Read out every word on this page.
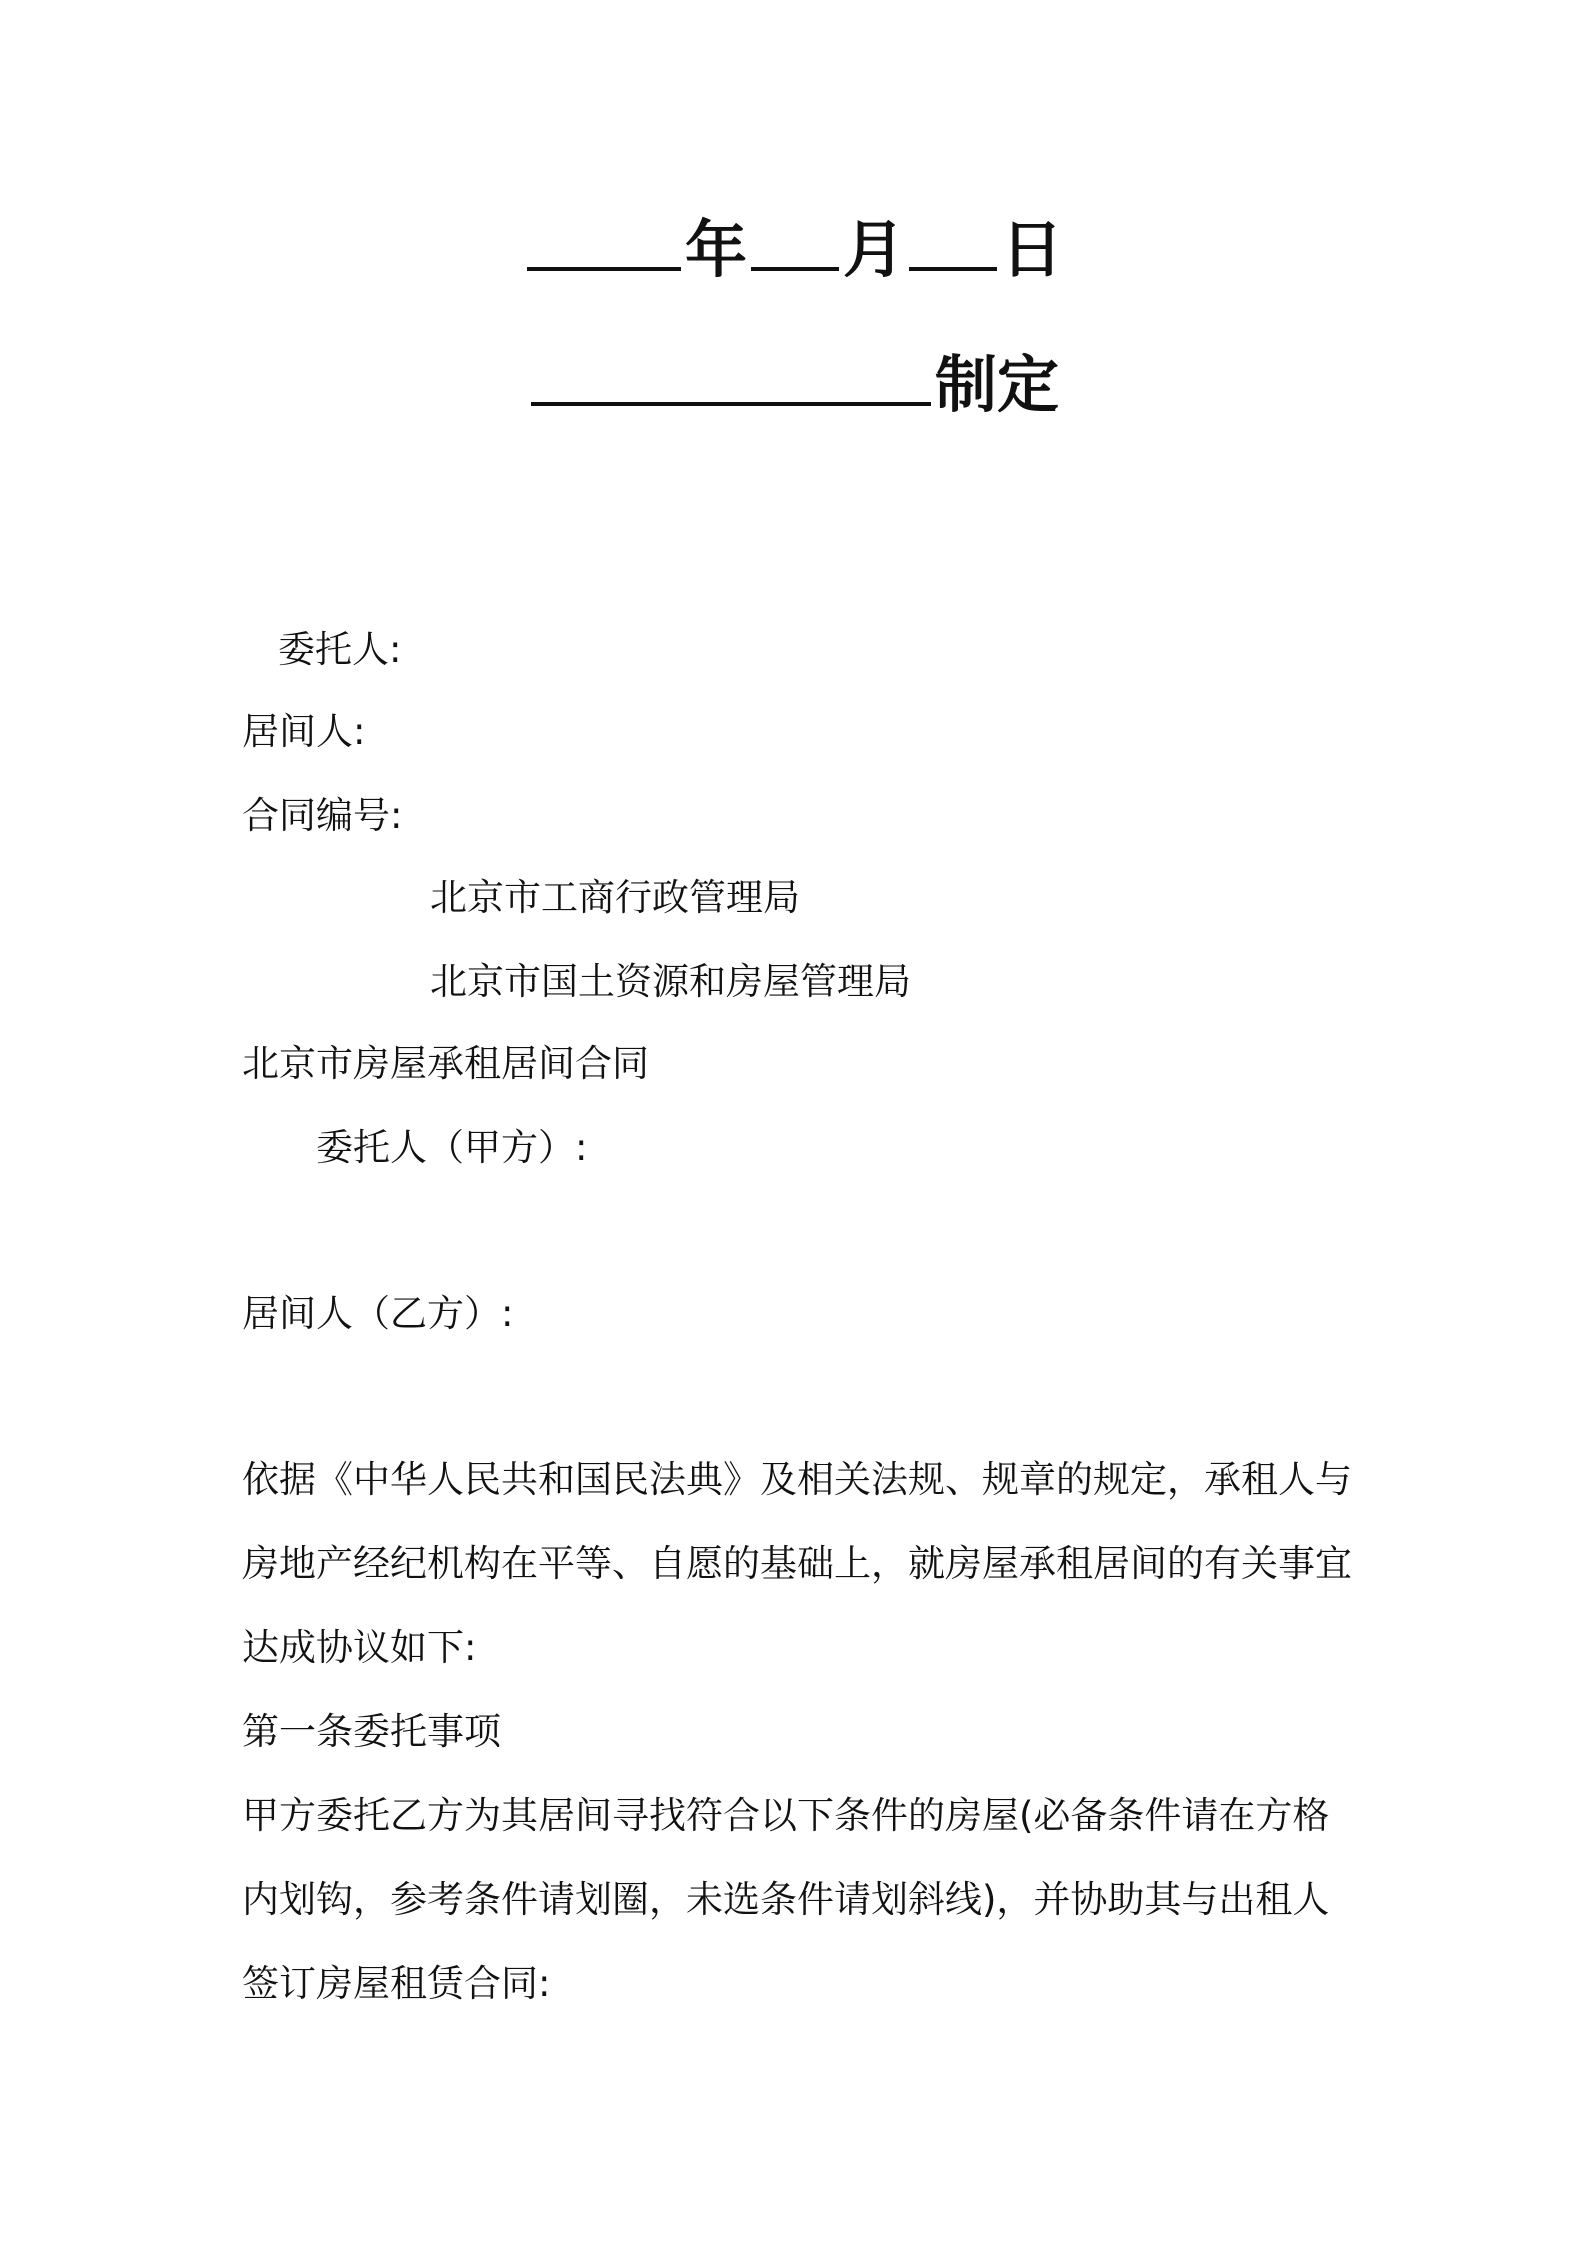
年 月 日
制定
委托人:
居间人:
合同编号:
北京市工商行政管理局
北京市国土资源和房屋管理局
北京市房屋承租居间合同
委托人（甲方）:
居间人（乙方）:
依据《中华人民共和国民法典》及相关法规、规章的规定，承租人与
房地产经纪机构在平等、自愿的基础上，就房屋承租居间的有关事宜
达成协议如下:
第一条委托事项
甲方委托乙方为其居间寻找符合以下条件的房屋(必备条件请在方格
内划钩，参考条件请划圈，未选条件请划斜线)，并协助其与出租人
签订房屋租赁合同:
